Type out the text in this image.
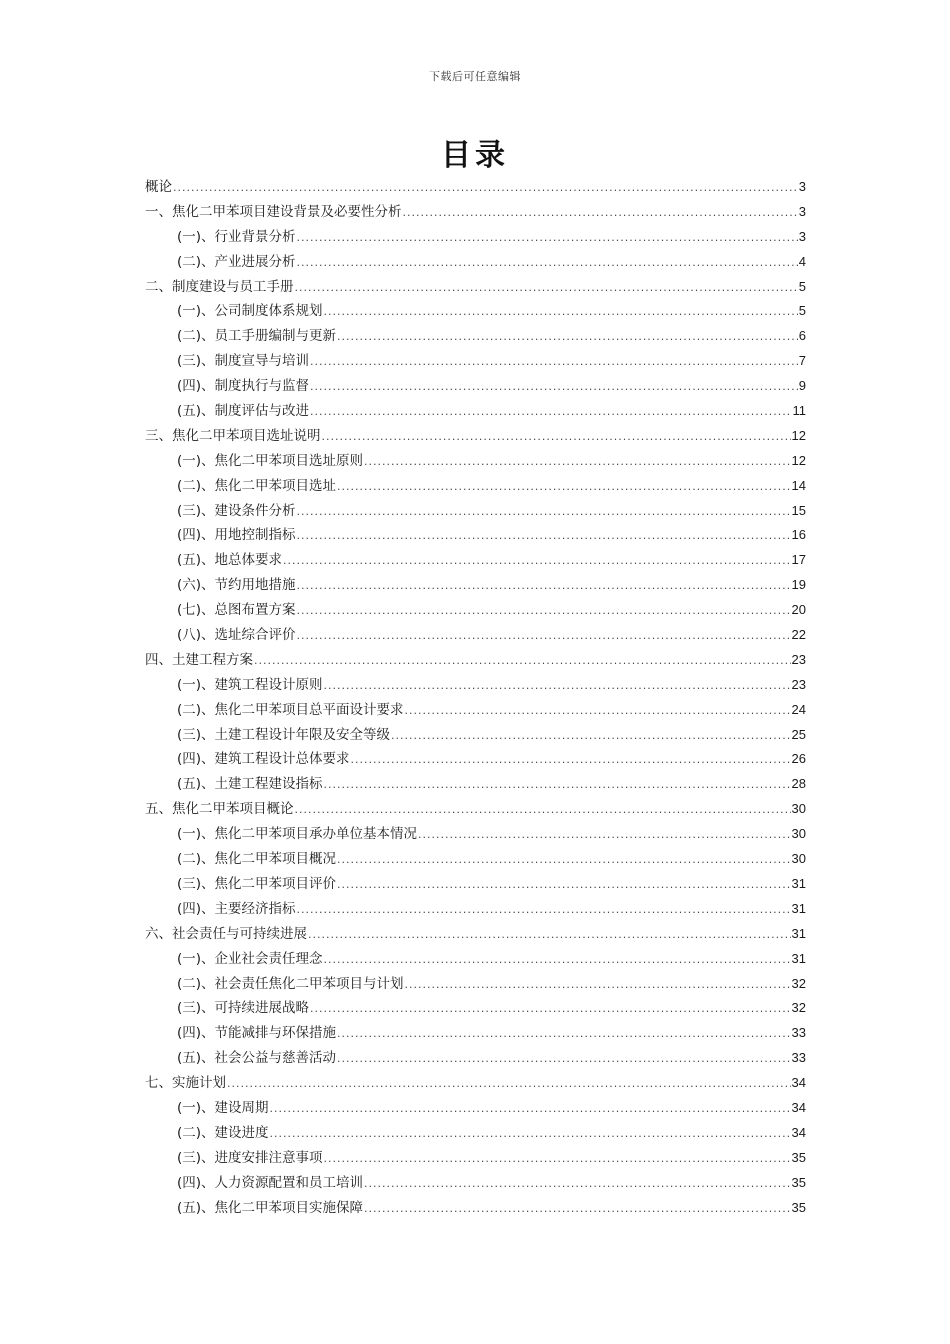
下载后可任意编辑
目录
概论 .....	3
一、焦化二甲苯项目建设背景及必要性分析 .....	3
(一)、行业背景分析 .....	3
(二)、产业进展分析 .....	4
二、制度建设与员工手册 .....	5
(一)、公司制度体系规划 .....	5
(二)、员工手册编制与更新 .....	6
(三)、制度宣导与培训 .....	7
(四)、制度执行与监督 .....	9
(五)、制度评估与改进 .....	11
三、焦化二甲苯项目选址说明 .....	12
(一)、焦化二甲苯项目选址原则 .....	12
(二)、焦化二甲苯项目选址 .....	14
(三)、建设条件分析 .....	15
(四)、用地控制指标 .....	16
(五)、地总体要求 .....	17
(六)、节约用地措施 .....	19
(七)、总图布置方案 .....	20
(八)、选址综合评价 .....	22
四、土建工程方案 .....	23
(一)、建筑工程设计原则 .....	23
(二)、焦化二甲苯项目总平面设计要求 .....	24
(三)、土建工程设计年限及安全等级 .....	25
(四)、建筑工程设计总体要求 .....	26
(五)、土建工程建设指标 .....	28
五、焦化二甲苯项目概论 .....	30
(一)、焦化二甲苯项目承办单位基本情况 .....	30
(二)、焦化二甲苯项目概况 .....	30
(三)、焦化二甲苯项目评价 .....	31
(四)、主要经济指标 .....	31
六、社会责任与可持续进展 .....	31
(一)、企业社会责任理念 .....	31
(二)、社会责任焦化二甲苯项目与计划 .....	32
(三)、可持续进展战略 .....	32
(四)、节能减排与环保措施 .....	33
(五)、社会公益与慈善活动 .....	33
七、实施计划 .....	34
(一)、建设周期 .....	34
(二)、建设进度 .....	34
(三)、进度安排注意事项 .....	35
(四)、人力资源配置和员工培训 .....	35
(五)、焦化二甲苯项目实施保障 .....	35
